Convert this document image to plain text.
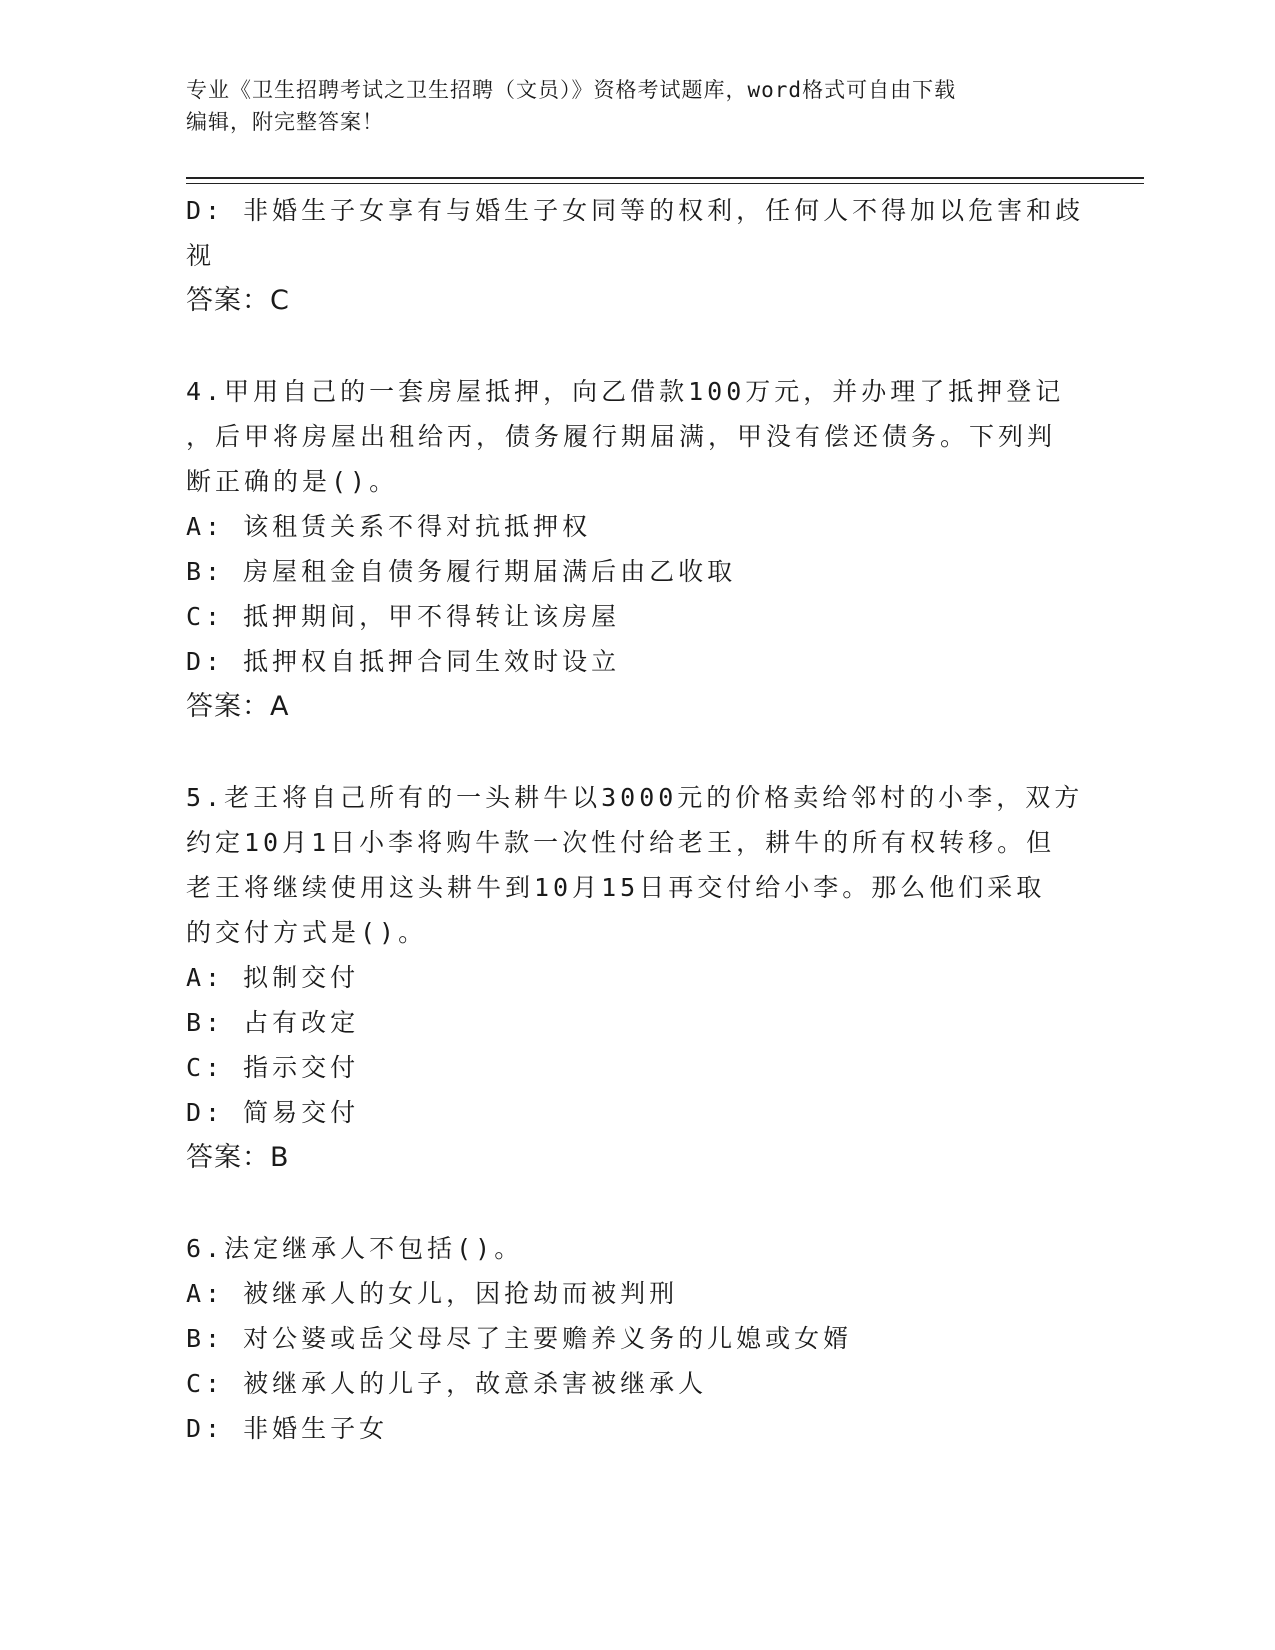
专业《卫生招聘考试之卫生招聘（文员）》资格考试题库，word格式可自由下载
编辑，附完整答案！
D: 非婚生子女享有与婚生子女同等的权利，任何人不得加以危害和歧
视
答案：C
4.甲用自己的一套房屋抵押，向乙借款100万元，并办理了抵押登记
，后甲将房屋出租给丙，债务履行期届满，甲没有偿还债务。下列判
断正确的是()。
A: 该租赁关系不得对抗抵押权
B: 房屋租金自债务履行期届满后由乙收取
C: 抵押期间，甲不得转让该房屋
D: 抵押权自抵押合同生效时设立
答案：A
5.老王将自己所有的一头耕牛以3000元的价格卖给邻村的小李，双方
约定10月1日小李将购牛款一次性付给老王，耕牛的所有权转移。但
老王将继续使用这头耕牛到10月15日再交付给小李。那么他们采取
的交付方式是()。
A: 拟制交付
B: 占有改定
C: 指示交付
D: 简易交付
答案：B
6.法定继承人不包括()。
A: 被继承人的女儿，因抢劫而被判刑
B: 对公婆或岳父母尽了主要赡养义务的儿媳或女婿
C: 被继承人的儿子，故意杀害被继承人
D: 非婚生子女
